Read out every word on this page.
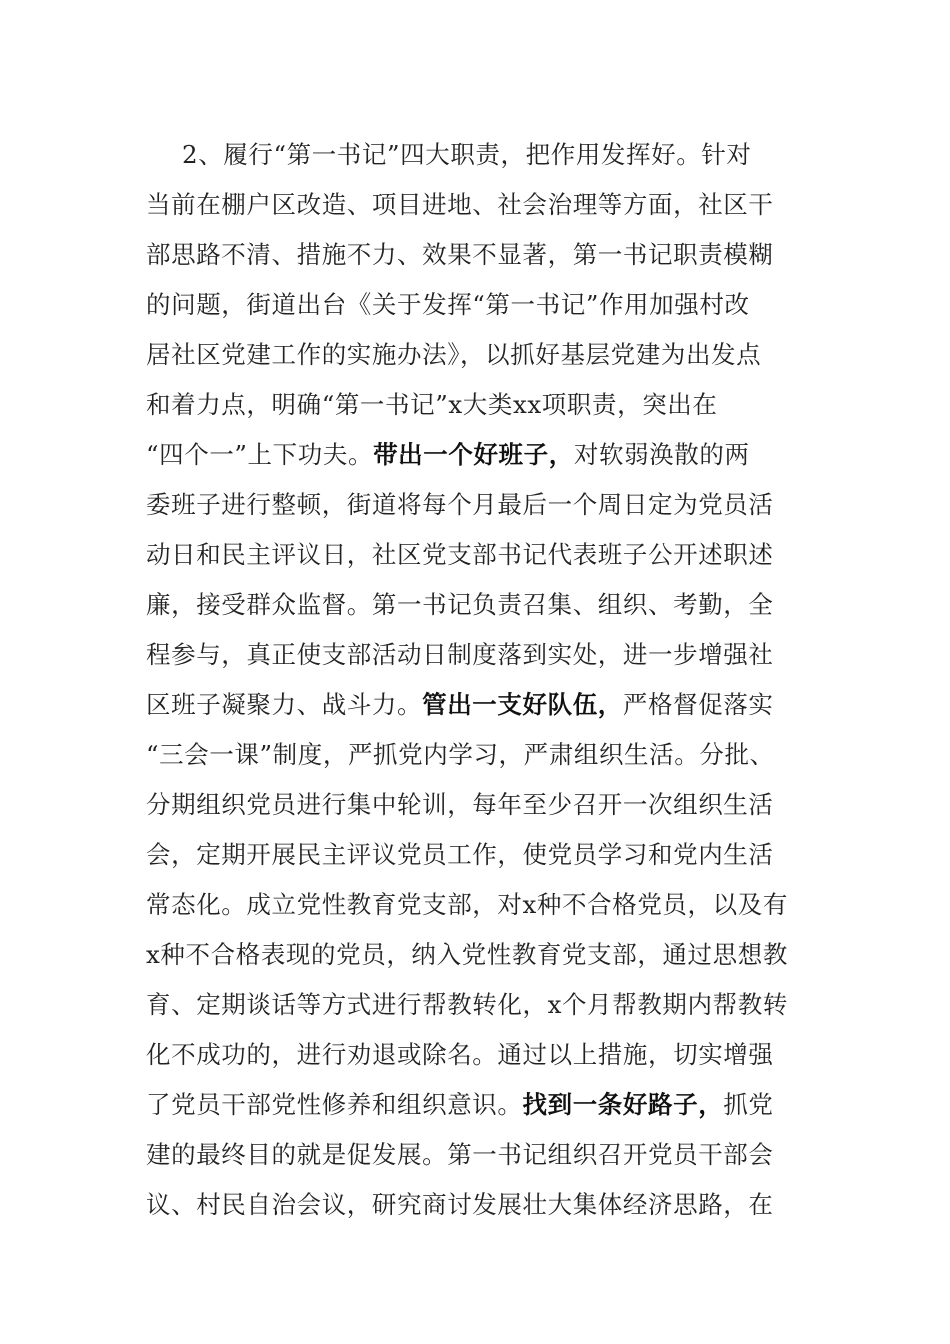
2、履行“第一书记”四大职责，把作用发挥好。针对
当前在棚户区改造、项目进地、社会治理等方面，社区干
部思路不清、措施不力、效果不显著，第一书记职责模糊
的问题，街道出台《关于发挥“第一书记”作用加强村改
居社区党建工作的实施办法》，以抓好基层党建为出发点
和着力点，明确“第一书记”x大类xx项职责，突出在
“四个一”上下功夫。带出一个好班子，对软弱涣散的两
委班子进行整顿，街道将每个月最后一个周日定为党员活
动日和民主评议日，社区党支部书记代表班子公开述职述
廉，接受群众监督。第一书记负责召集、组织、考勤，全
程参与，真正使支部活动日制度落到实处，进一步增强社
区班子凝聚力、战斗力。管出一支好队伍，严格督促落实
“三会一课”制度，严抓党内学习，严肃组织生活。分批、
分期组织党员进行集中轮训，每年至少召开一次组织生活
会，定期开展民主评议党员工作，使党员学习和党内生活
常态化。成立党性教育党支部，对x种不合格党员，以及有
x种不合格表现的党员，纳入党性教育党支部，通过思想教
育、定期谈话等方式进行帮教转化，x个月帮教期内帮教转
化不成功的，进行劝退或除名。通过以上措施，切实增强
了党员干部党性修养和组织意识。找到一条好路子，抓党
建的最终目的就是促发展。第一书记组织召开党员干部会
议、村民自治会议，研究商讨发展壮大集体经济思路，在
